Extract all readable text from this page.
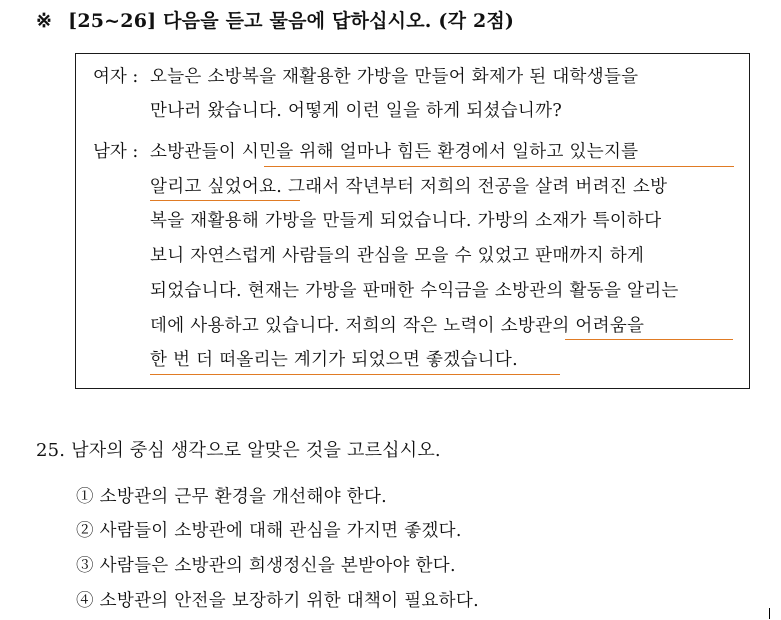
※ [25~26] 다음을 듣고 물음에 답하십시오. (각 2점)
여자 : 오늘은 소방복을 재활용한 가방을 만들어 화제가 된 대학생들을
만나러 왔습니다. 어떻게 이런 일을 하게 되셨습니까?
남자 : 소방관들이 시민을 위해 얼마나 힘든 환경에서 일하고 있는지를
알리고 싶었어요. 그래서 작년부터 저희의 전공을 살려 버려진 소방
복을 재활용해 가방을 만들게 되었습니다. 가방의 소재가 특이하다
보니 자연스럽게 사람들의 관심을 모을 수 있었고 판매까지 하게
되었습니다. 현재는 가방을 판매한 수익금을 소방관의 활동을 알리는
데에 사용하고 있습니다. 저희의 작은 노력이 소방관의 어려움을
한 번 더 떠올리는 계기가 되었으면 좋겠습니다.
25. 남자의 중심 생각으로 알맞은 것을 고르십시오.
① 소방관의 근무 환경을 개선해야 한다.
② 사람들이 소방관에 대해 관심을 가지면 좋겠다.
③ 사람들은 소방관의 희생정신을 본받아야 한다.
④ 소방관의 안전을 보장하기 위한 대책이 필요하다.
